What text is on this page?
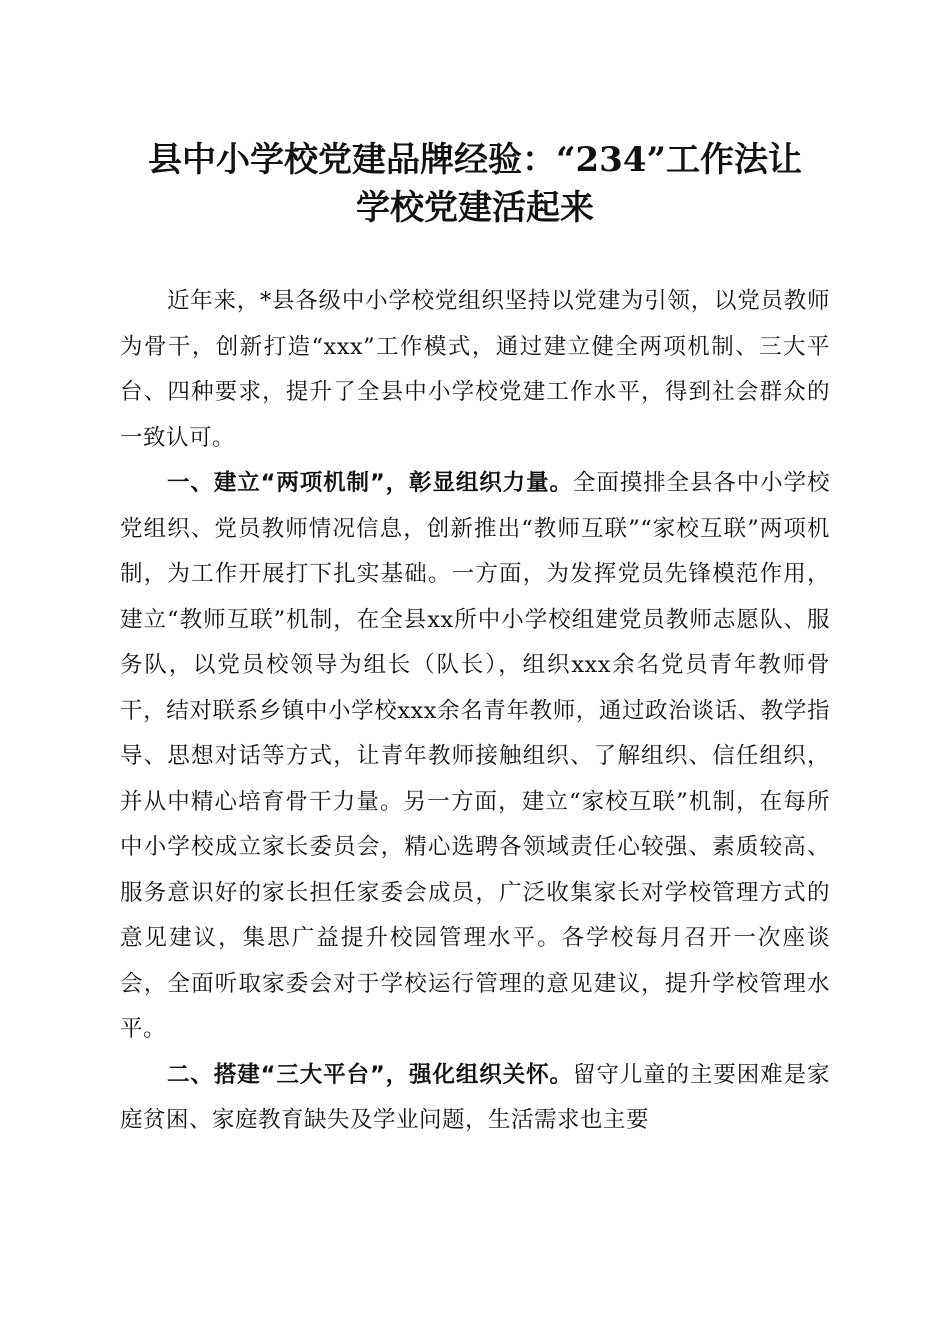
县中小学校党建品牌经验：“234”工作法让
学校党建活起来

近年来，*县各级中小学校党组织坚持以党建为引领，以党员教师为骨干，创新打造“xxx”工作模式，通过建立健全两项机制、三大平台、四种要求，提升了全县中小学校党建工作水平，得到社会群众的一致认可。

一、建立“两项机制”，彰显组织力量。全面摸排全县各中小学校党组织、党员教师情况信息，创新推出“教师互联”“家校互联”两项机制，为工作开展打下扎实基础。一方面，为发挥党员先锋模范作用，建立“教师互联”机制，在全县xx所中小学校组建党员教师志愿队、服务队，以党员校领导为组长（队长），组织xxx余名党员青年教师骨干，结对联系乡镇中小学校xxx余名青年教师，通过政治谈话、教学指导、思想对话等方式，让青年教师接触组织、了解组织、信任组织，并从中精心培育骨干力量。另一方面，建立“家校互联”机制，在每所中小学校成立家长委员会，精心选聘各领域责任心较强、素质较高、服务意识好的家长担任家委会成员，广泛收集家长对学校管理方式的意见建议，集思广益提升校园管理水平。各学校每月召开一次座谈会，全面听取家委会对于学校运行管理的意见建议，提升学校管理水平。

二、搭建“三大平台”，强化组织关怀。留守儿童的主要困难是家庭贫困、家庭教育缺失及学业问题，生活需求也主要
